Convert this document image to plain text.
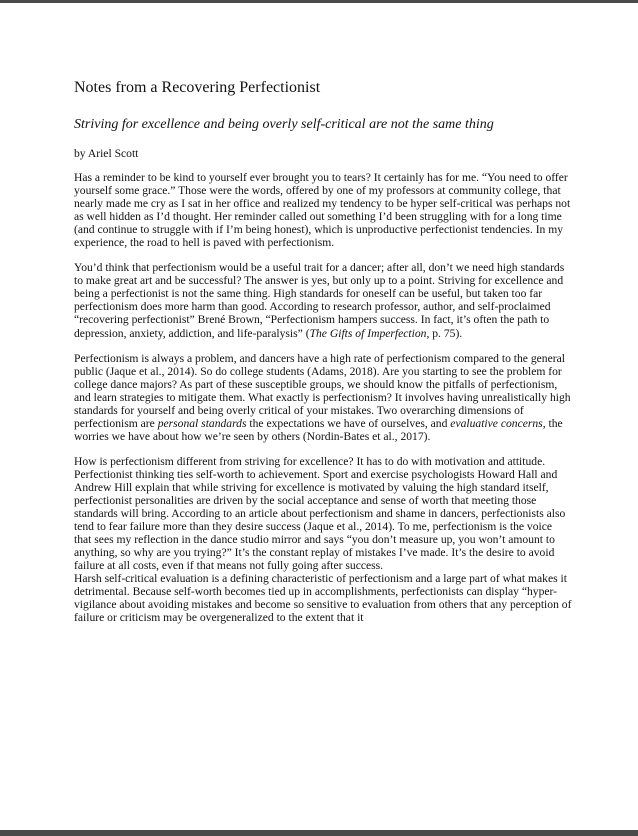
Notes from a Recovering Perfectionist

Striving for excellence and being overly self-critical are not the same thing

by Ariel Scott

Has a reminder to be kind to yourself ever brought you to tears? It certainly has for me. “You need to offer yourself some grace.” Those were the words, offered by one of my professors at community college, that nearly made me cry as I sat in her office and realized my tendency to be hyper self-critical was perhaps not as well hidden as I’d thought. Her reminder called out something I’d been struggling with for a long time (and continue to struggle with if I’m being honest), which is unproductive perfectionist tendencies. In my experience, the road to hell is paved with perfectionism.

You’d think that perfectionism would be a useful trait for a dancer; after all, don’t we need high standards to make great art and be successful? The answer is yes, but only up to a point. Striving for excellence and being a perfectionist is not the same thing. High standards for oneself can be useful, but taken too far perfectionism does more harm than good. According to research professor, author, and self-proclaimed “recovering perfectionist” Brené Brown, “Perfectionism hampers success. In fact, it’s often the path to depression, anxiety, addiction, and life-paralysis” (The Gifts of Imperfection, p. 75).

Perfectionism is always a problem, and dancers have a high rate of perfectionism compared to the general public (Jaque et al., 2014). So do college students (Adams, 2018). Are you starting to see the problem for college dance majors? As part of these susceptible groups, we should know the pitfalls of perfectionism, and learn strategies to mitigate them. What exactly is perfectionism? It involves having unrealistically high standards for yourself and being overly critical of your mistakes. Two overarching dimensions of perfectionism are personal standards the expectations we have of ourselves, and evaluative concerns, the worries we have about how we’re seen by others (Nordin-Bates et al., 2017).

How is perfectionism different from striving for excellence? It has to do with motivation and attitude. Perfectionist thinking ties self-worth to achievement. Sport and exercise psychologists Howard Hall and Andrew Hill explain that while striving for excellence is motivated by valuing the high standard itself, perfectionist personalities are driven by the social acceptance and sense of worth that meeting those standards will bring. According to an article about perfectionism and shame in dancers, perfectionists also tend to fear failure more than they desire success (Jaque et al., 2014). To me, perfectionism is the voice that sees my reflection in the dance studio mirror and says “you don’t measure up, you won’t amount to anything, so why are you trying?” It’s the constant replay of mistakes I’ve made. It’s the desire to avoid failure at all costs, even if that means not fully going after success.

Harsh self-critical evaluation is a defining characteristic of perfectionism and a large part of what makes it detrimental. Because self-worth becomes tied up in accomplishments, perfectionists can display “hyper-vigilance about avoiding mistakes and become so sensitive to evaluation from others that any perception of failure or criticism may be overgeneralized to the extent that it
